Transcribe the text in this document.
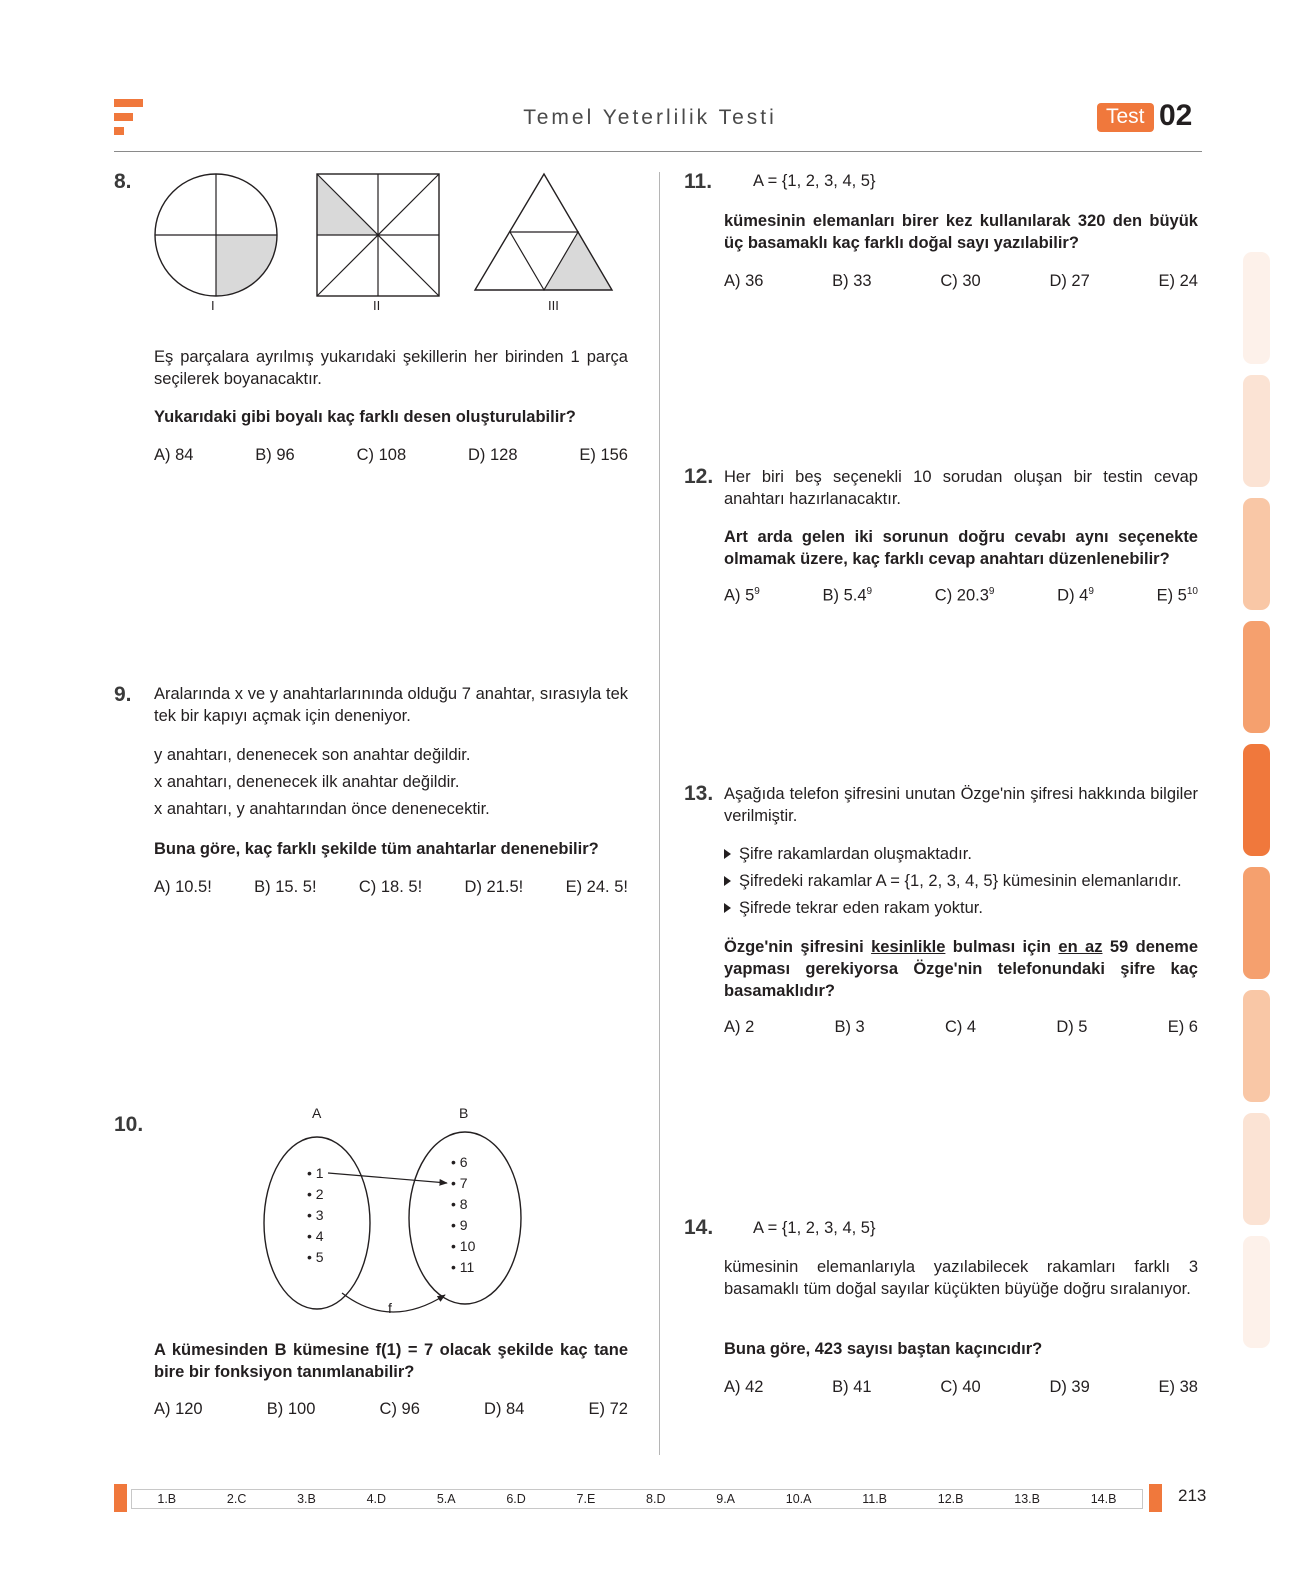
Temel Yeterlilik Testi	Test 02
8.
I	II	III
Eş parçalara ayrılmış yukarıdaki şekillerin her birinden 1 parça seçilerek boyanacaktır.
Yukarıdaki gibi boyalı kaç farklı desen oluşturulabilir?
A) 84	B) 96	C) 108	D) 128	E) 156
9. Aralarında x ve y anahtarlarınında olduğu 7 anahtar, sırasıyla tek tek bir kapıyı açmak için deneniyor.
y anahtarı, denenecek son anahtar değildir.
x anahtarı, denenecek ilk anahtar değildir.
x anahtarı, y anahtarından önce denenecektir.
Buna göre, kaç farklı şekilde tüm anahtarlar denenebilir?
A) 10.5!	B) 15. 5!	C) 18. 5!	D) 21.5!	E) 24. 5!
10.	A	B
• 1
• 2
• 3
• 4
• 5
• 6
• 7
• 8
• 9
• 10
• 11
f
A kümesinden B kümesine f(1) = 7 olacak şekilde kaç tane bire bir fonksiyon tanımlanabilir?
A) 120	B) 100	C) 96	D) 84	E) 72
11. A = {1, 2, 3, 4, 5}
kümesinin elemanları birer kez kullanılarak 320 den büyük üç basamaklı kaç farklı doğal sayı yazılabilir?
A) 36	B) 33	C) 30	D) 27	E) 24
12. Her biri beş seçenekli 10 sorudan oluşan bir testin cevap anahtarı hazırlanacaktır.
Art arda gelen iki sorunun doğru cevabı aynı seçenekte olmamak üzere, kaç farklı cevap anahtarı düzenlenebilir?
A) $5^9$	B) $5.4^9$	C) 20.3$^9$	D) $4^9$	E) $5^{10}$
13. Aşağıda telefon şifresini unutan Özge'nin şifresi hakkında bilgiler verilmiştir.
Şifre rakamlardan oluşmaktadır.
Şifredeki rakamlar A = {1, 2, 3, 4, 5} kümesinin elemanlarıdır.
Şifrede tekrar eden rakam yoktur.
Özge'nin şifresini kesinlikle bulması için en az 59 deneme yapması gerekiyorsa Özge'nin telefonundaki şifre kaç basamaklıdır?
A) 2	B) 3	C) 4	D) 5	E) 6
14. A = {1, 2, 3, 4, 5}
kümesinin elemanlarıyla yazılabilecek rakamları farklı 3 basamaklı tüm doğal sayılar küçükten büyüğe doğru sıralanıyor.
Buna göre, 423 sayısı baştan kaçıncıdır?
A) 42	B) 41	C) 40	D) 39	E) 38
1.B	2.C	3.B	4.D	5.A	6.D	7.E	8.D	9.A	10.A	11.B	12.B	13.B	14.B	213
